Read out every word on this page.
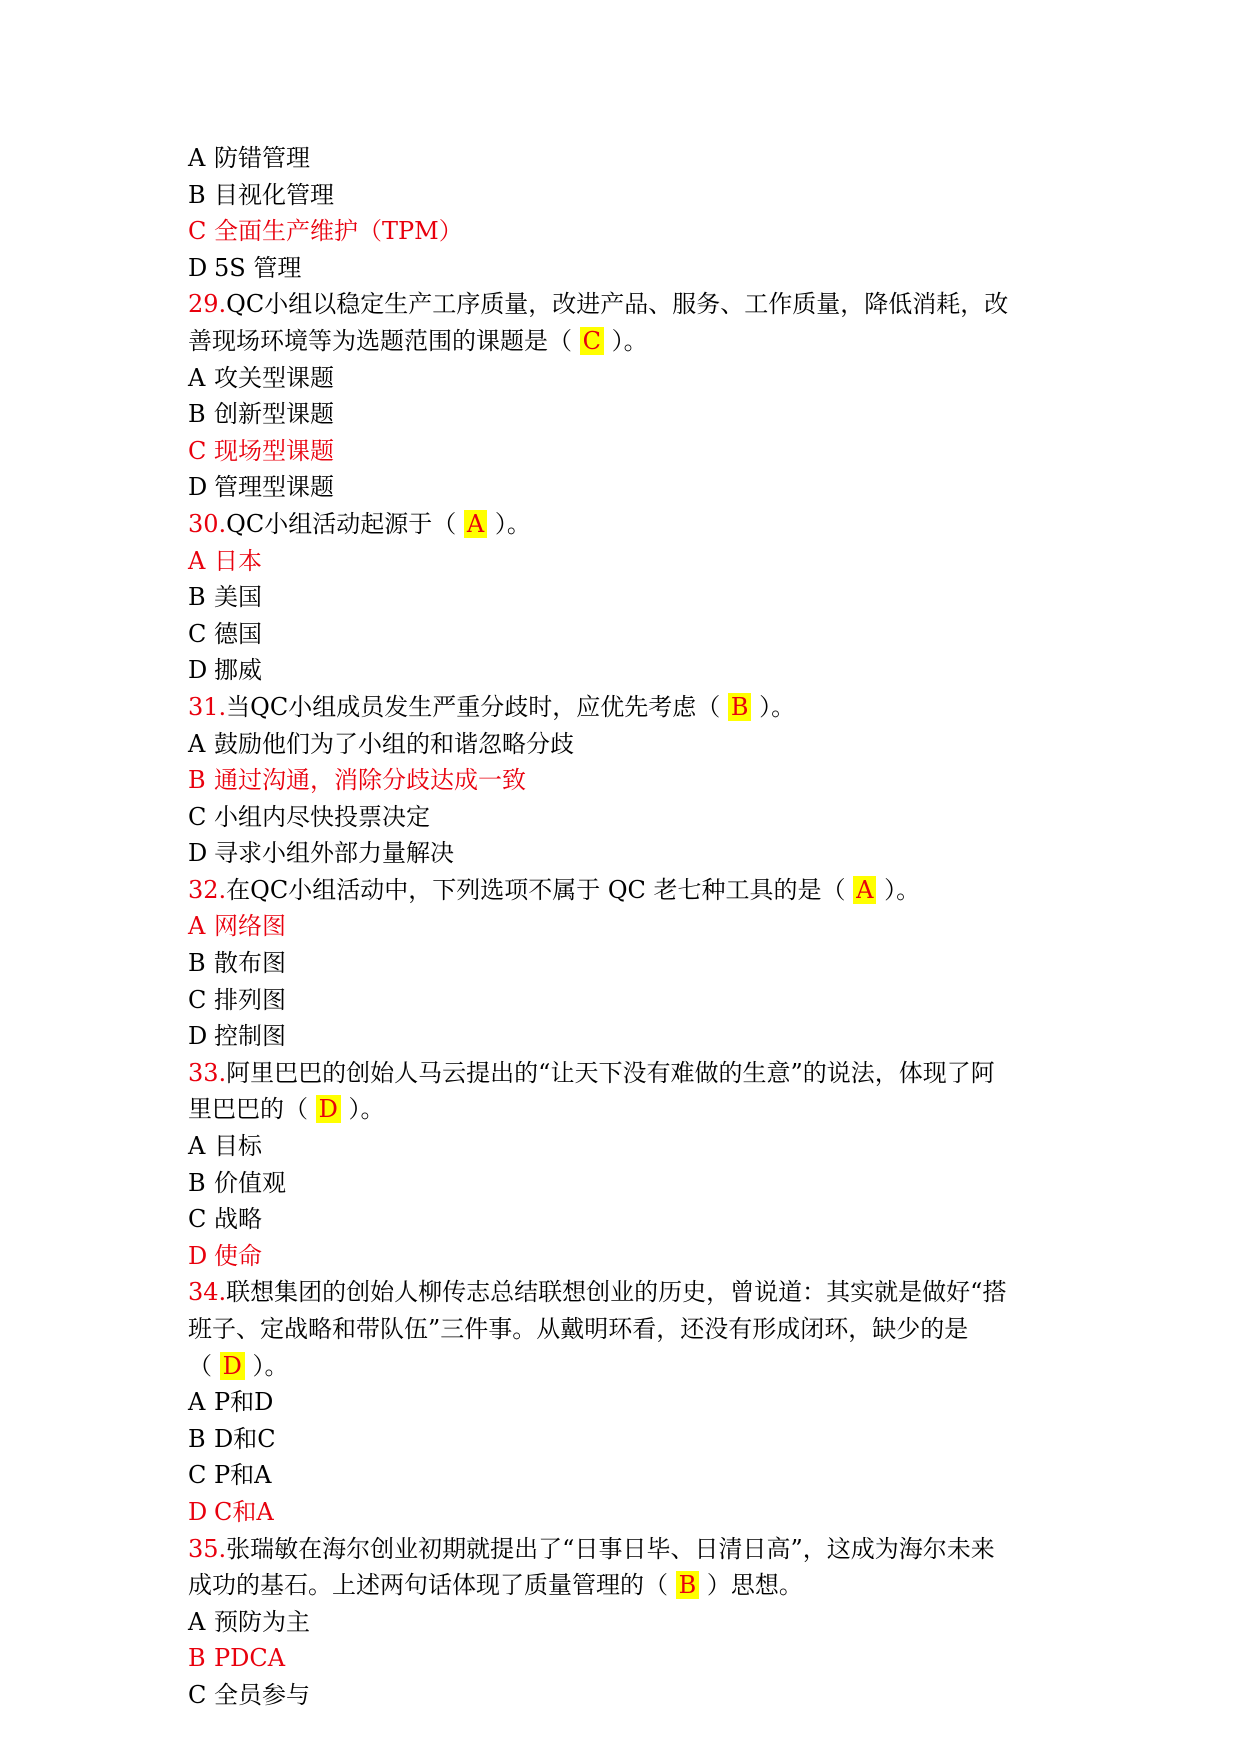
A 防错管理
B 目视化管理
C 全面生产维护（TPM）
D 5S 管理
29.QC小组以稳定生产工序质量，改进产品、服务、工作质量，降低消耗，改
善现场环境等为选题范围的课题是（ C ）。
A 攻关型课题
B 创新型课题
C 现场型课题
D 管理型课题
30.QC小组活动起源于（ A ）。
A 日本
B 美国
C 德国
D 挪威
31.当QC小组成员发生严重分歧时，应优先考虑（ B ）。
A 鼓励他们为了小组的和谐忽略分歧
B 通过沟通，消除分歧达成一致
C 小组内尽快投票决定
D 寻求小组外部力量解决
32.在QC小组活动中，下列选项不属于 QC 老七种工具的是（ A ）。
A 网络图
B 散布图
C 排列图
D 控制图
33.阿里巴巴的创始人马云提出的“让天下没有难做的生意”的说法，体现了阿
里巴巴的（ D ）。
A 目标
B 价值观
C 战略
D 使命
34.联想集团的创始人柳传志总结联想创业的历史，曾说道：其实就是做好“搭
班子、定战略和带队伍”三件事。从戴明环看，还没有形成闭环，缺少的是
（ D ）。
A P和D
B D和C
C P和A
D C和A
35.张瑞敏在海尔创业初期就提出了“日事日毕、日清日高”，这成为海尔未来
成功的基石。上述两句话体现了质量管理的（ B ）思想。
A 预防为主
B PDCA
C 全员参与
